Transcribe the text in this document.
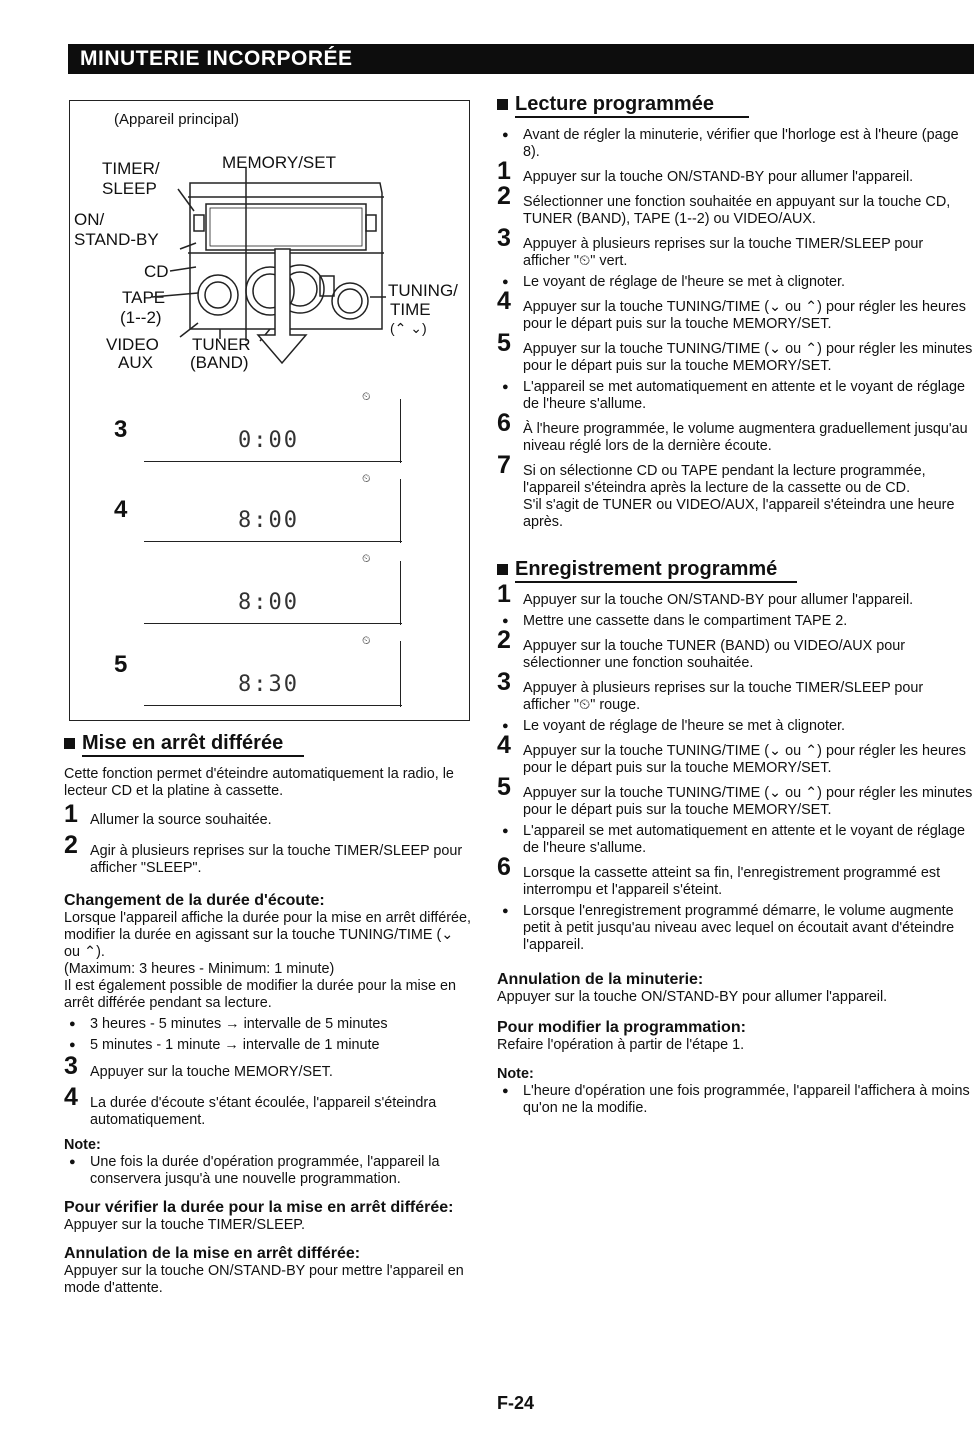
MINUTERIE INCORPORÉE
(Appareil principal)
TIMER/
SLEEP
MEMORY/SET
ON/
STAND-BY
CD
TAPE
(1--2)
TUNING/
TIME
(⌃ ⌄)
VIDEO
AUX
TUNER
(BAND)
3	0:00
⏲
4	8:00
⏲
8:00
⏲
5
8:30
⏲
Mise en arrêt différée

Cette fonction permet d'éteindre automatiquement la radio, le lecteur CD et la platine à cassette.

1 Allumer la source souhaitée.
2 Agir à plusieurs reprises sur la touche TIMER/SLEEP pour afficher "SLEEP".
Changement de la durée d'écoute:

Lorsque l'appareil affiche la durée pour la mise en arrêt différée, modifier la durée en agissant sur la touche TUNING/TIME (⌄ ou ⌃).

(Maximum: 3 heures - Minimum: 1 minute)

Il est également possible de modifier la durée pour la mise en arrêt différée pendant sa lecture.

● 3 heures - 5 minutes → intervalle de 5 minutes
● 5 minutes - 1 minute → intervalle de 1 minute
3 Appuyer sur la touche MEMORY/SET.
4 La durée d'écoute s'étant écoulée, l'appareil s'éteindra automatiquement.

Note:

● Une fois la durée d'opération programmée, l'appareil la conservera jusqu'à une nouvelle programmation.
Pour vérifier la durée pour la mise en arrêt différée:

Appuyer sur la touche TIMER/SLEEP.

Annulation de la mise en arrêt différée:

Appuyer sur la touche ON/STAND-BY pour mettre l'appareil en mode d'attente.

Lecture programmée
● Avant de régler la minuterie, vérifier que l'horloge est à l'heure (page 8).
1 Appuyer sur la touche ON/STAND-BY pour allumer l'appareil.
2 Sélectionner une fonction souhaitée en appuyant sur la touche CD, TUNER (BAND), TAPE (1--2) ou VIDEO/AUX.
3 Appuyer à plusieurs reprises sur la touche TIMER/SLEEP pour afficher "⏲" vert.
● Le voyant de réglage de l'heure se met à clignoter.
4 Appuyer sur la touche TUNING/TIME (⌄ ou ⌃) pour régler les heures pour le départ puis sur la touche MEMORY/SET.
5 Appuyer sur la touche TUNING/TIME (⌄ ou ⌃) pour régler les minutes pour le départ puis sur la touche MEMORY/SET.
● L'appareil se met automatiquement en attente et le voyant de réglage de l'heure s'allume.
6 À l'heure programmée, le volume augmentera graduellement jusqu'au niveau réglé lors de la dernière écoute.
7 Si on sélectionne CD ou TAPE pendant la lecture programmée, l'appareil s'éteindra après la lecture de la cassette ou de CD.
S'il s'agit de TUNER ou VIDEO/AUX, l'appareil s'éteindra une heure après.
Enregistrement programmé
1 Appuyer sur la touche ON/STAND-BY pour allumer l'appareil.
● Mettre une cassette dans le compartiment TAPE 2.
2 Appuyer sur la touche TUNER (BAND) ou VIDEO/AUX pour sélectionner une fonction souhaitée.
3 Appuyer à plusieurs reprises sur la touche TIMER/SLEEP pour afficher "⏲" rouge.
● Le voyant de réglage de l'heure se met à clignoter.
4 Appuyer sur la touche TUNING/TIME (⌄ ou ⌃) pour régler les heures pour le départ puis sur la touche MEMORY/SET.
5 Appuyer sur la touche TUNING/TIME (⌄ ou ⌃) pour régler les minutes pour le départ puis sur la touche MEMORY/SET.
● L'appareil se met automatiquement en attente et le voyant de réglage de l'heure s'allume.
6 Lorsque la cassette atteint sa fin, l'enregistrement programmé est interrompu et l'appareil s'éteint.
● Lorsque l'enregistrement programmé démarre, le volume augmente petit à petit jusqu'au niveau avec lequel on écoutait avant d'éteindre l'appareil.
Annulation de la minuterie:

Appuyer sur la touche ON/STAND-BY pour allumer l'appareil.

Pour modifier la programmation:

Refaire l'opération à partir de l'étape 1.

Note:

● L'heure d'opération une fois programmée, l'appareil l'affichera à moins qu'on ne la modifie.
F-24
